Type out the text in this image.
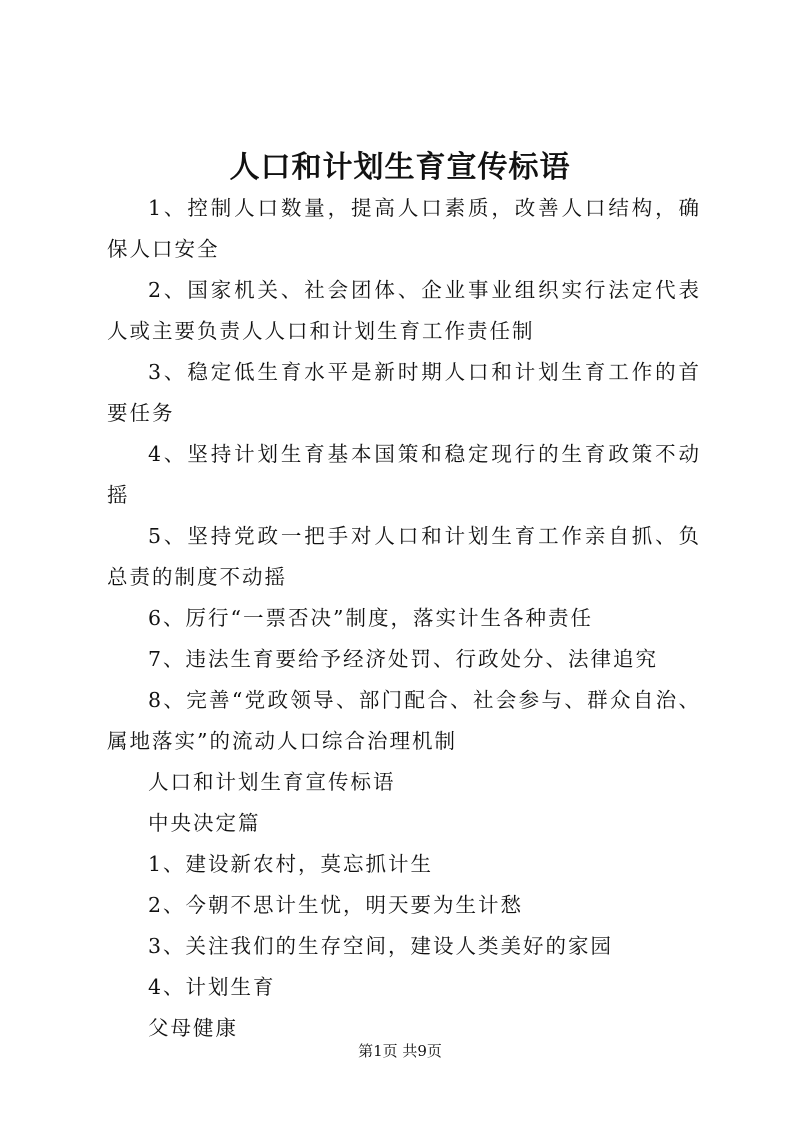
人口和计划生育宣传标语

1、控制人口数量，提高人口素质，改善人口结构，确保人口安全

2、国家机关、社会团体、企业事业组织实行法定代表人或主要负责人人口和计划生育工作责任制

3、稳定低生育水平是新时期人口和计划生育工作的首要任务

4、坚持计划生育基本国策和稳定现行的生育政策不动摇

5、坚持党政一把手对人口和计划生育工作亲自抓、负总责的制度不动摇

6、厉行“一票否决”制度，落实计生各种责任

7、违法生育要给予经济处罚、行政处分、法律追究

8、完善“党政领导、部门配合、社会参与、群众自治、属地落实”的流动人口综合治理机制

人口和计划生育宣传标语

中央决定篇

1、建设新农村，莫忘抓计生

2、今朝不思计生忧，明天要为生计愁

3、关注我们的生存空间，建设人类美好的家园

4、计划生育

父母健康

第1页 共9页
